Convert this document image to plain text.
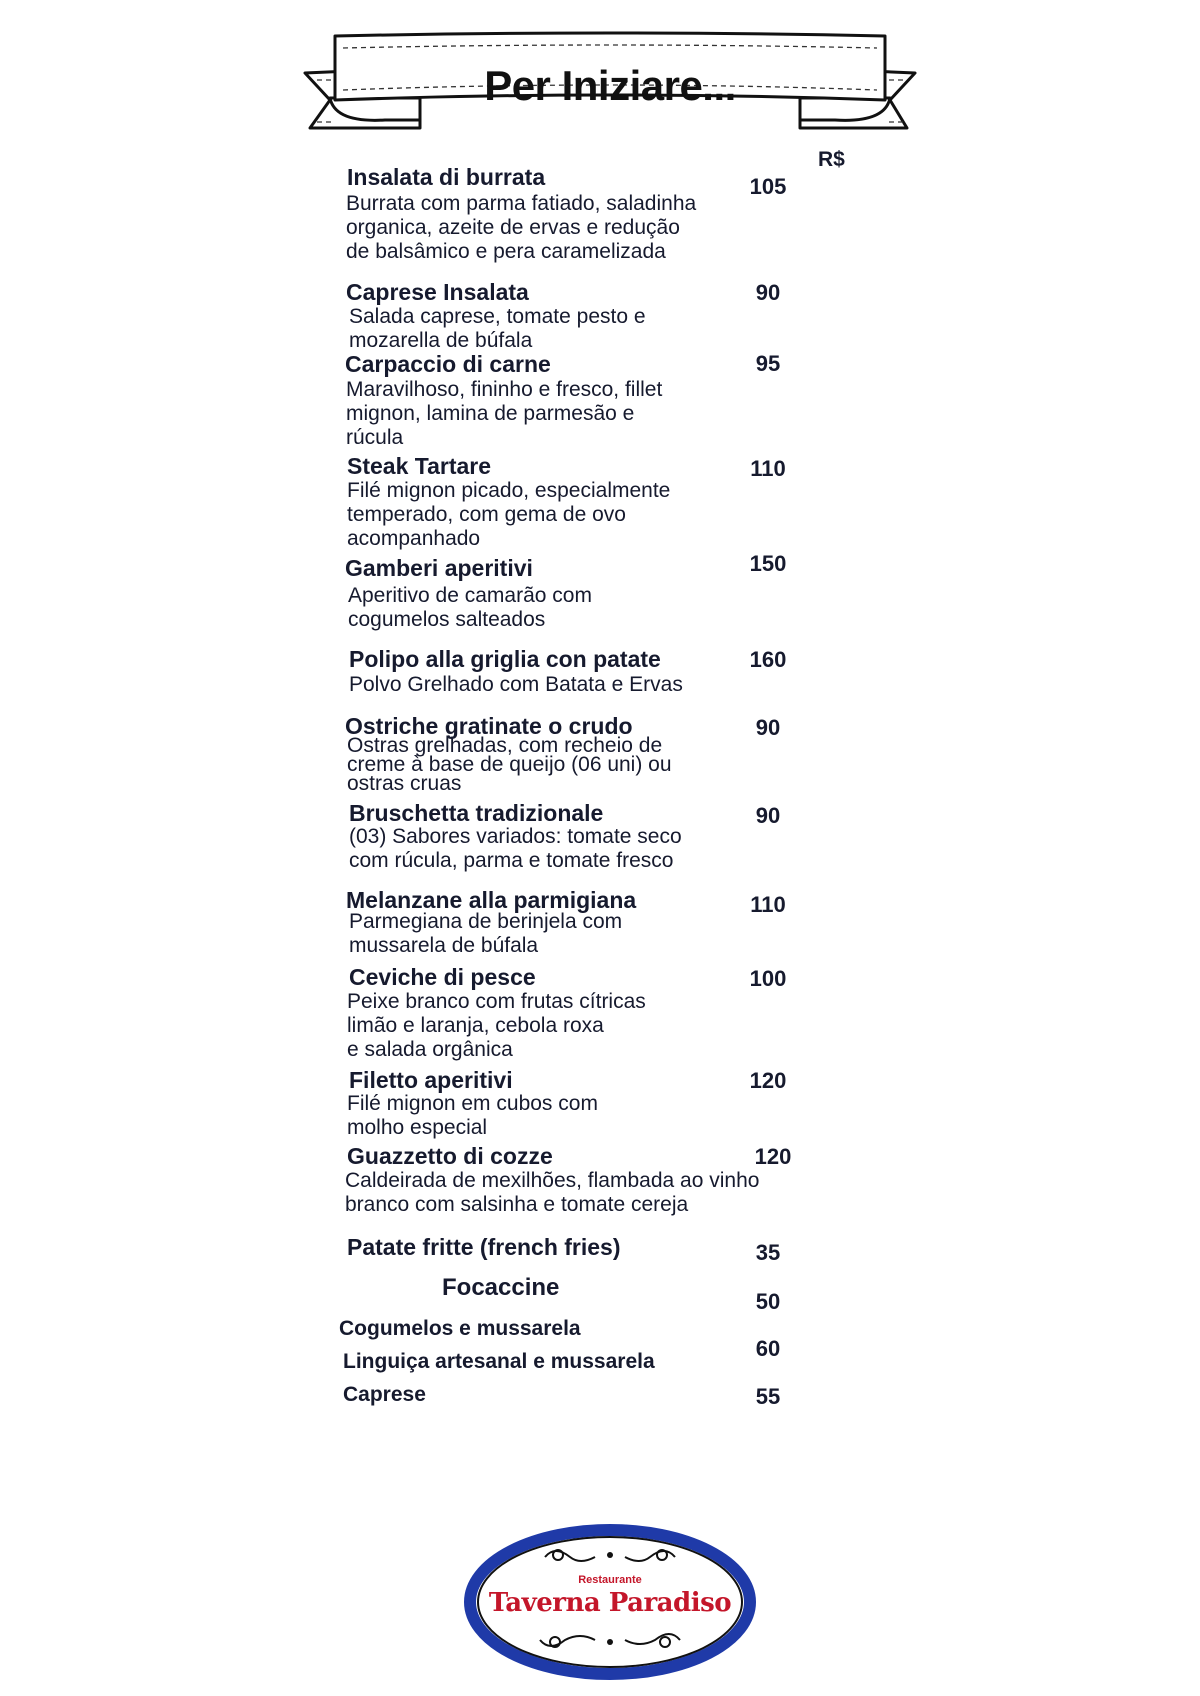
Per Iniziare...
R$
Insalata di burrata
Burrata com parma fatiado, saladinha
organica, azeite de ervas e redução
de balsâmico e pera caramelizada
105
Caprese Insalata
Salada caprese, tomate pesto e
mozarella de búfala
90
Carpaccio di carne
Maravilhoso, fininho e fresco, fillet
mignon, lamina de parmesão e
rúcula
95
Steak Tartare
Filé mignon picado, especialmente
temperado, com gema de ovo
acompanhado
110
Gamberi aperitivi
Aperitivo de camarão com
cogumelos salteados
150
Polipo alla griglia con patate
Polvo Grelhado com Batata e Ervas
160
Ostriche gratinate o crudo
Ostras grelhadas, com recheio de
creme à base de queijo (06 uni) ou
ostras cruas
90
Bruschetta tradizionale
(03) Sabores variados: tomate seco
com rúcula, parma e tomate fresco
90
Melanzane alla parmigiana
Parmegiana de berinjela com
mussarela de búfala
110
Ceviche di pesce
Peixe branco com frutas cítricas
limão e laranja, cebola roxa
e salada orgânica
100
Filetto aperitivi
Filé mignon em cubos com
molho especial
120
Guazzetto di cozze
Caldeirada de mexilhões, flambada ao vinho
branco com salsinha e tomate cereja
120
Patate fritte (french fries)	35
Focaccine
50
Cogumelos e mussarela
60
Linguiça artesanal e mussarela
Caprese	55
Restaurante
Taverna Paradiso
